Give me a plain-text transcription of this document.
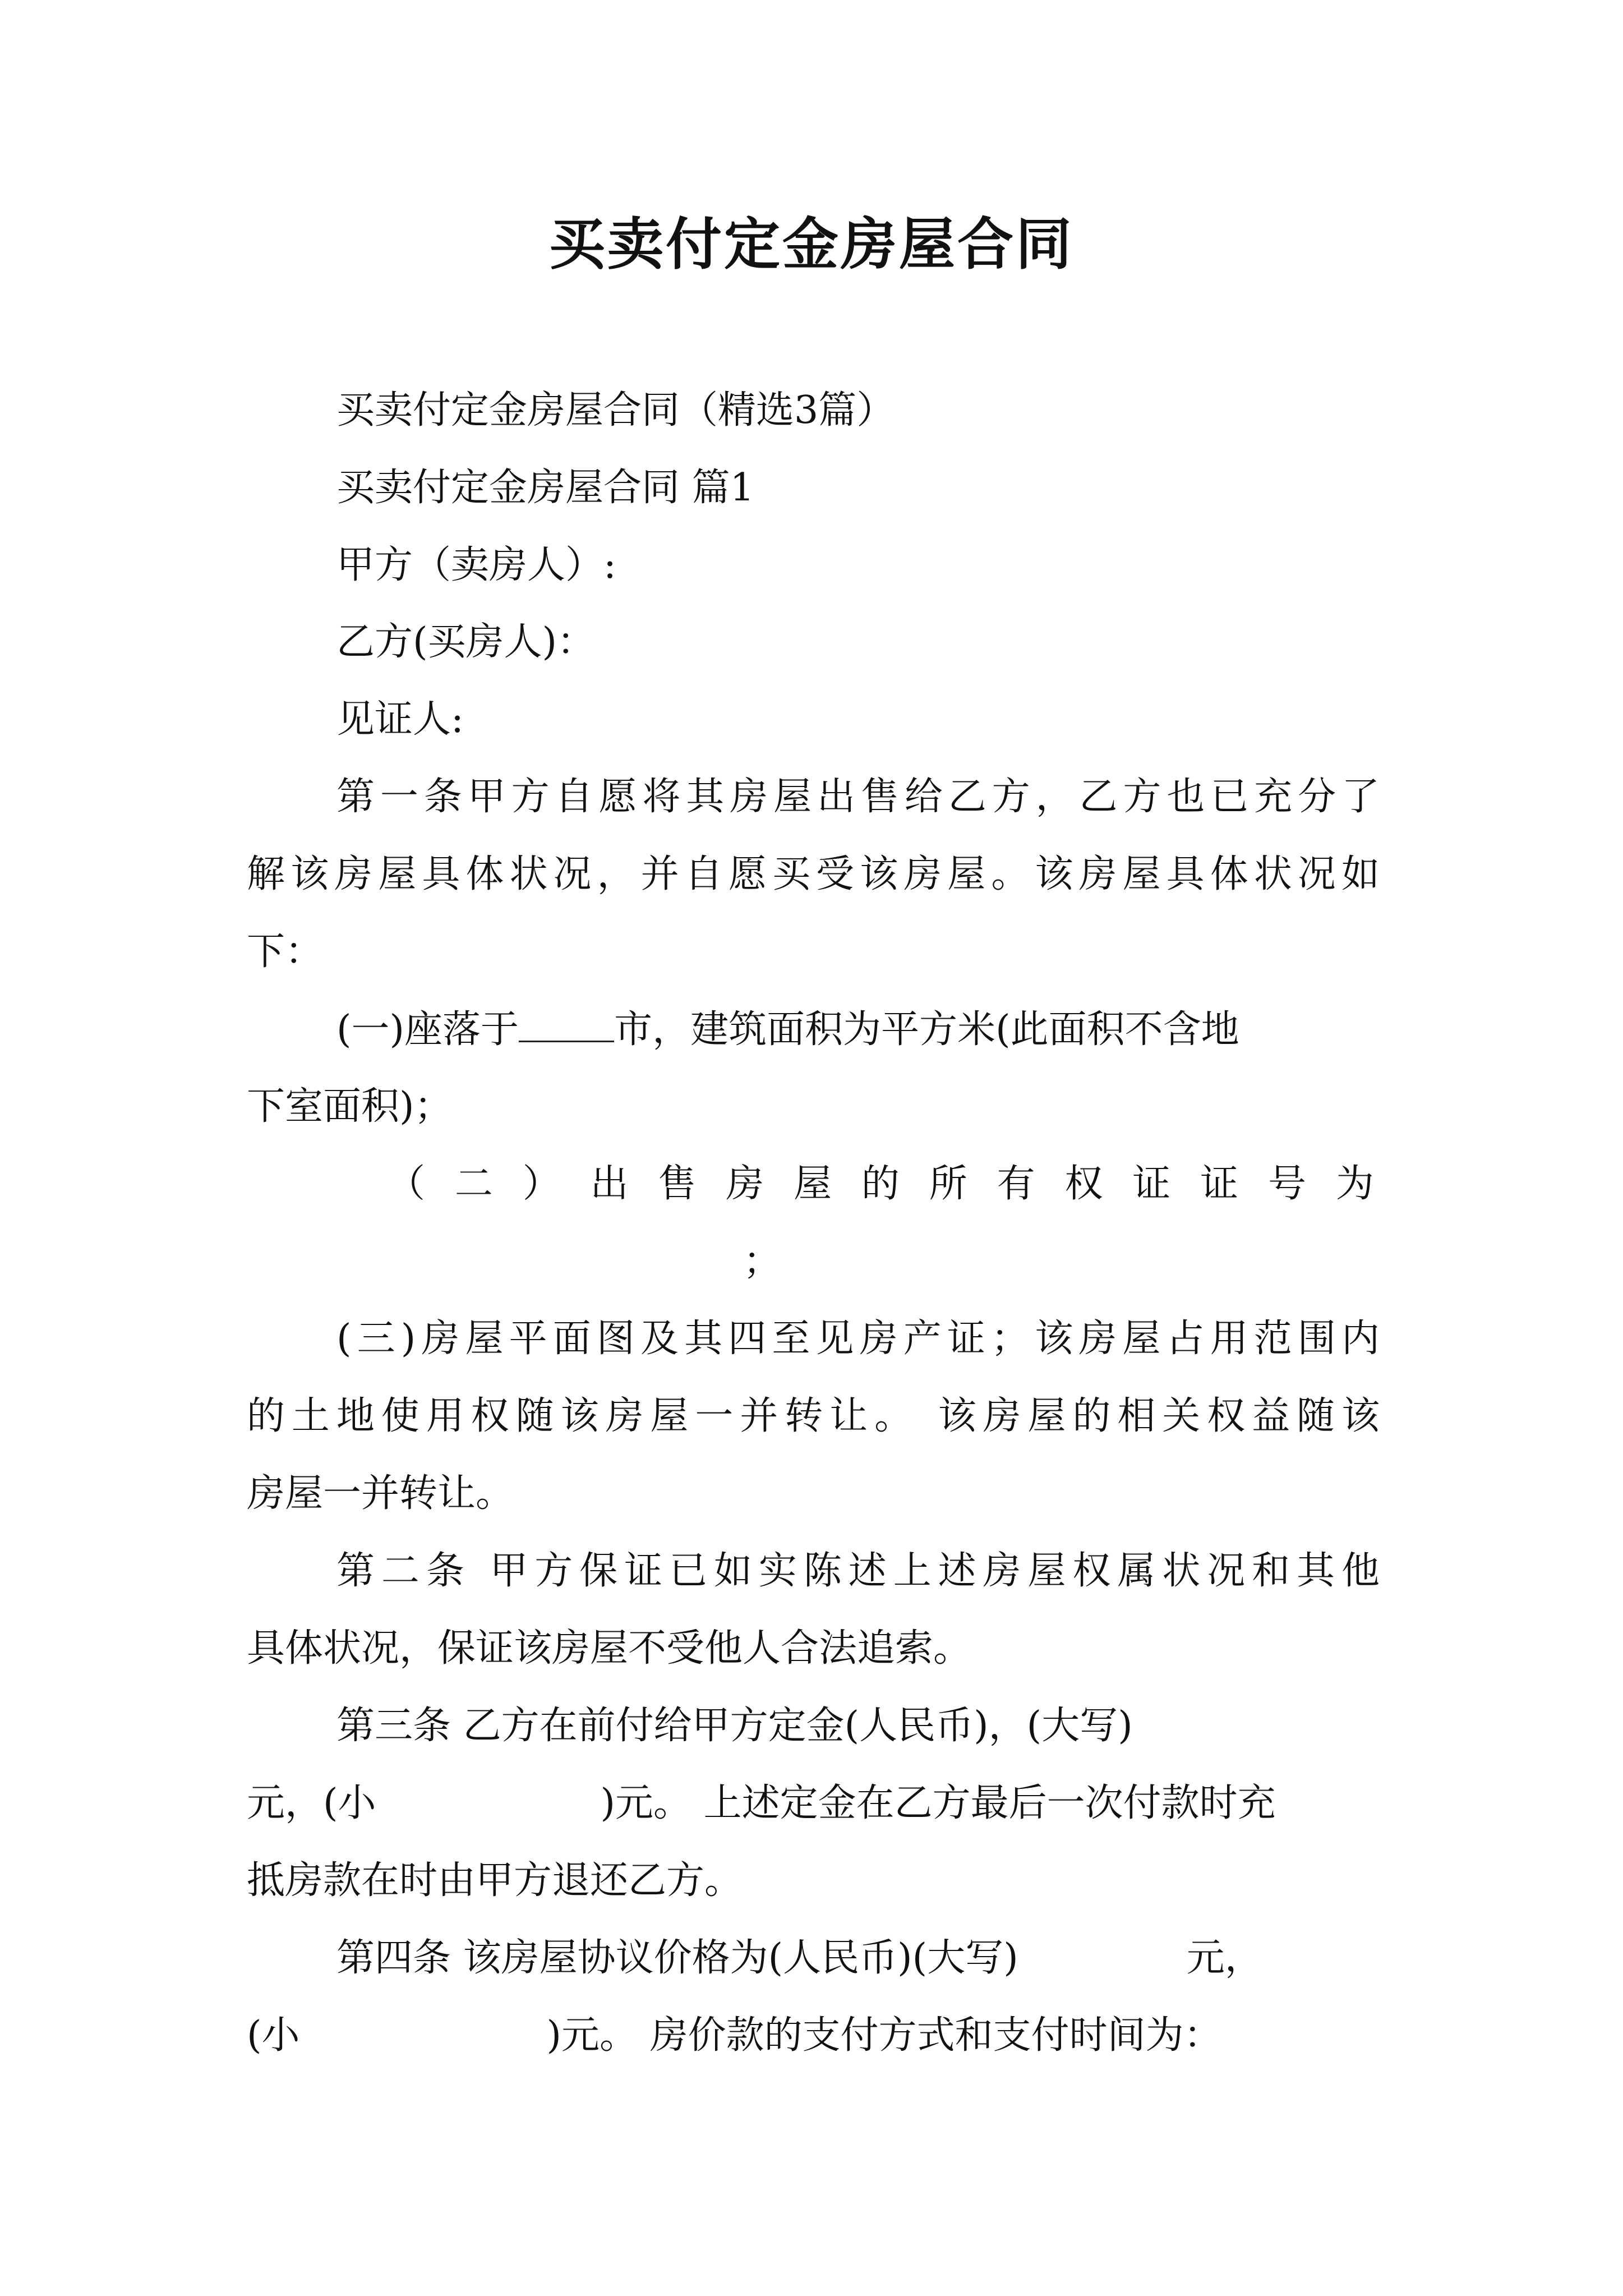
买卖付定金房屋合同
买卖付定金房屋合同（精选3篇）
买卖付定金房屋合同 篇1
甲方（卖房人）:
乙方(买房人)：
见证人:
第一条甲方自愿将其房屋出售给乙方，乙方也已充分了
解该房屋具体状况，并自愿买受该房屋。该房屋具体状况如
下：
(一)座落于	市，建筑面积为平方米(此面积不含地
下室面积)；
（ 二 ） 出 售 房 屋 的 所 有 权 证 证 号 为
；
(三)房屋平面图及其四至见房产证；该房屋占用范围内
的土地使用权随该房屋一并转让。 该房屋的相关权益随该
房屋一并转让。
第二条 甲方保证已如实陈述上述房屋权属状况和其他
具体状况，保证该房屋不受他人合法追索。
第三条 乙方在前付给甲方定金(人民币)，(大写)
元，(小	)元。 上述定金在乙方最后一次付款时充
抵房款在时由甲方退还乙方。
第四条 该房屋协议价格为(人民币)(大写)	元，
(小	)元。 房价款的支付方式和支付时间为：
